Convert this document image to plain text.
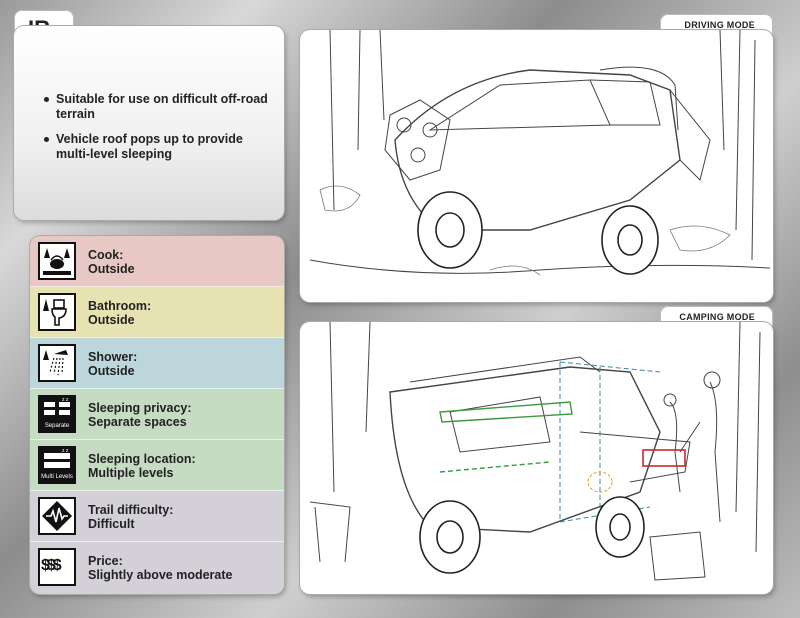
Suitable for use on difficult off-road
terrain
Vehicle roof pops up to provide
multi-level sleeping
Cook:
Outside
Bathroom:
Outside
Shower:
Outside
z z
Separate
Sleeping privacy:
Separate spaces
z z
Multi Levels
Sleeping location:
Multiple levels
Trail difficulty:
Difficult
$$$ Price:
Slightly above moderate
DRIVING MODE
CAMPING MODE
